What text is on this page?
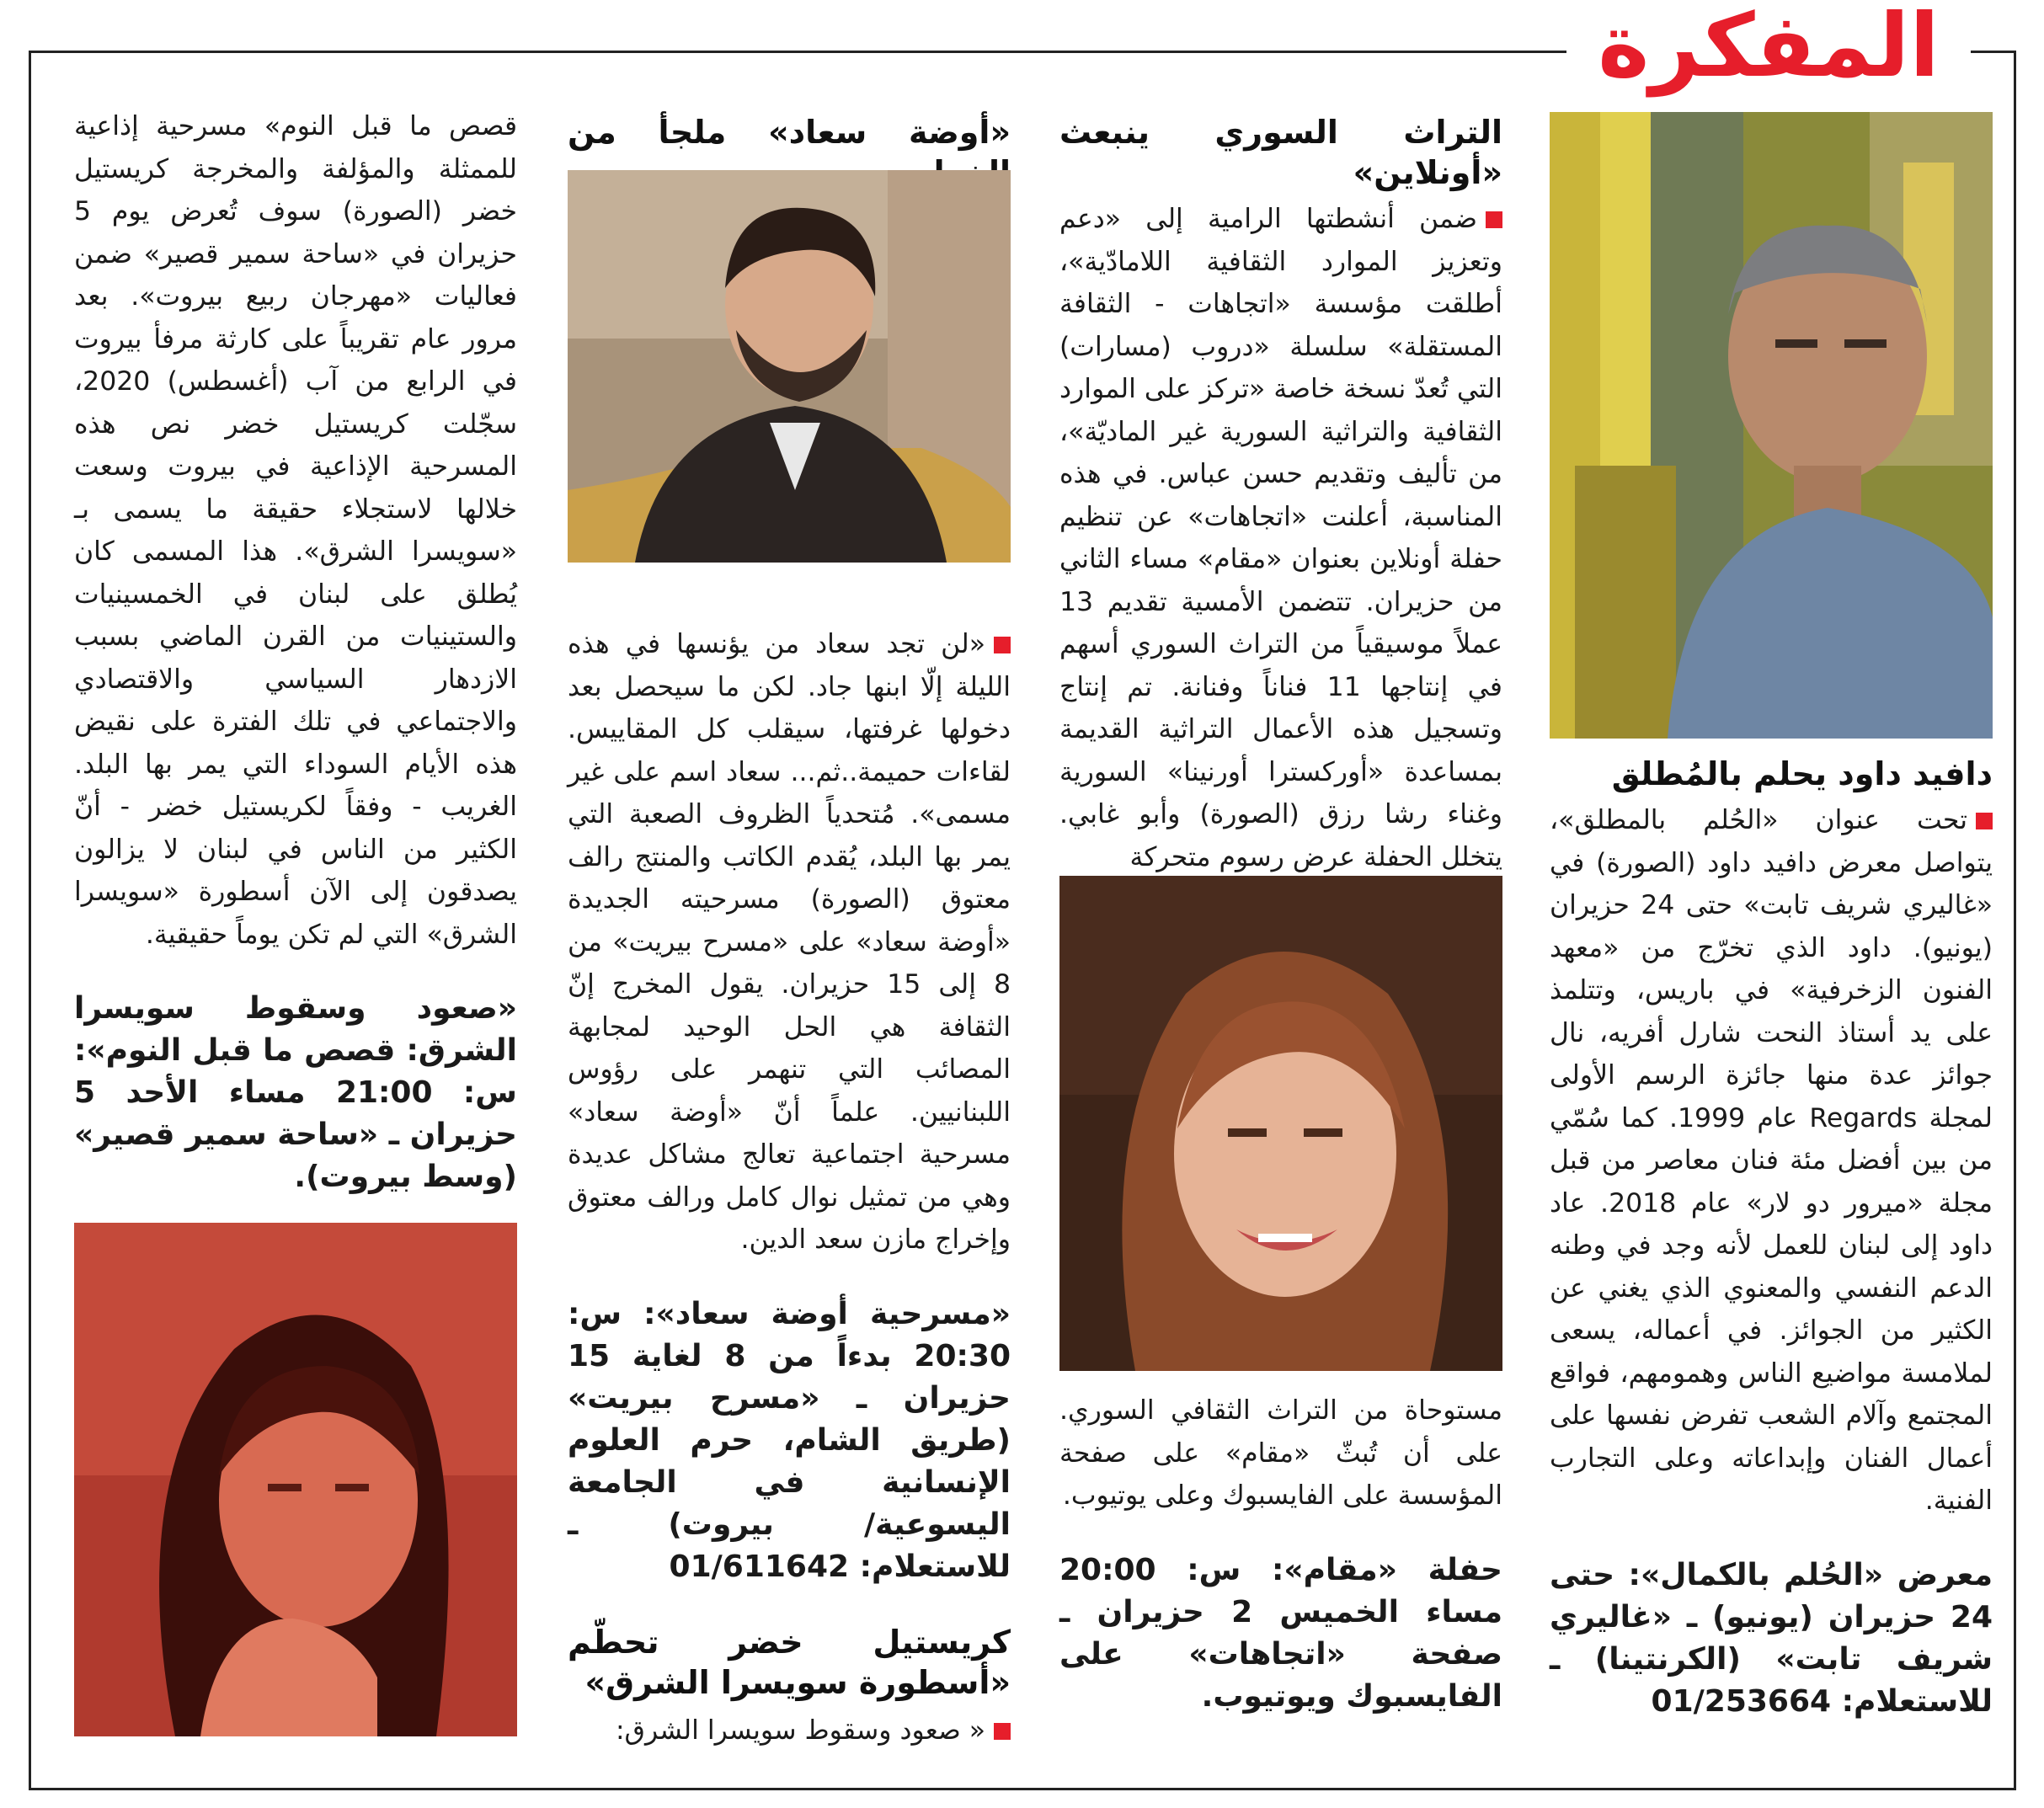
المفكرة

دافيد داود يحلم بالمُطلق

تحت عنوان «الحُلم بالمطلق»، يتواصل معرض دافيد داود (الصورة) في «غاليري شريف تابت» حتى 24 حزيران (يونيو). داود الذي تخرّج من «معهد الفنون الزخرفية» في باريس، وتتلمذ على يد أستاذ النحت شارل أفريه، نال جوائز عدة منها جائزة الرسم الأولى لمجلة Regards عام 1999. كما سُمّي من بين أفضل مئة فنان معاصر من قبل مجلة «ميرور دو لار» عام 2018. عاد داود إلى لبنان للعمل لأنه وجد في وطنه الدعم النفسي والمعنوي الذي يغني عن الكثير من الجوائز. في أعماله، يسعى لملامسة مواضيع الناس وهمومهم، فواقع المجتمع وآلام الشعب تفرض نفسها على أعمال الفنان وإبداعاته وعلى التجارب الفنية.

معرض «الحُلم بالكمال»: حتى 24 حزيران (يونيو) ـ «غاليري شريف تابت» (الكرنتينا) ـ للاستعلام: 01/253664

التراث السوري ينبعث «أونلاين»

ضمن أنشطتها الرامية إلى «دعم وتعزيز الموارد الثقافية اللامادّية»، أطلقت مؤسسة «اتجاهات - الثقافة المستقلة» سلسلة «دروب (مسارات) التي تُعدّ نسخة خاصة «تركز على الموارد الثقافية والتراثية السورية غير الماديّة»، من تأليف وتقديم حسن عباس. في هذه المناسبة، أعلنت «اتجاهات» عن تنظيم حفلة أونلاين بعنوان «مقام» مساء الثاني من حزيران. تتضمن الأمسية تقديم 13 عملاً موسيقياً من التراث السوري أسهم في إنتاجها 11 فناناً وفنانة. تم إنتاج وتسجيل هذه الأعمال التراثية القديمة بمساعدة «أوركسترا أورنينا» السورية وغناء رشا رزق (الصورة) وأبو غابي. يتخلل الحفلة عرض رسوم متحركة

مستوحاة من التراث الثقافي السوري. على أن تُبثّ «مقام» على صفحة المؤسسة على الفايسبوك وعلى يوتيوب.

حفلة «مقام»: س: 20:00 مساء الخميس 2 حزيران ـ صفحة «اتجاهات» على الفايسبوك ويوتيوب.

«أوضة سعاد» ملجأ من

«لن تجد سعاد من يؤنسها في هذه الليلة إلّا ابنها جاد. لكن ما سيحصل بعد دخولها غرفتها، سيقلب كل المقاييس. لقاءات حميمة..ثم... سعاد اسم على غير مسمى». مُتحدياً الظروف الصعبة التي يمر بها البلد، يُقدم الكاتب والمنتج رالف معتوق (الصورة) مسرحيته الجديدة «أوضة سعاد» على «مسرح بيريت» من 8 إلى 15 حزيران. يقول المخرج إنّ الثقافة هي الحل الوحيد لمجابهة المصائب التي تنهمر على رؤوس اللبنانيين. علماً أنّ «أوضة سعاد» مسرحية اجتماعية تعالج مشاكل عديدة وهي من تمثيل نوال كامل ورالف معتوق وإخراج مازن سعد الدين.

«مسرحية أوضة سعاد»: س: 20:30 بدءاً من 8 لغاية 15 حزيران ـ «مسرح بيريت» (طريق الشام، حرم العلوم الإنسانية في الجامعة اليسوعية/ بيروت) ـ للاستعلام: 01/611642

كريستيل خضر تحطّم «أسطورة سويسرا الشرق»

« صعود وسقوط سويسرا الشرق:

قصص ما قبل النوم» مسرحية إذاعية للممثلة والمؤلفة والمخرجة كريستيل خضر (الصورة) سوف تُعرض يوم 5 حزيران في «ساحة سمير قصير» ضمن فعاليات «مهرجان ربيع بيروت». بعد مرور عام تقريباً على كارثة مرفأ بيروت في الرابع من آب (أغسطس) 2020، سجّلت كريستيل خضر نص هذه المسرحية الإذاعية في بيروت وسعت خلالها لاستجلاء حقيقة ما يسمى بـ «سويسرا الشرق». هذا المسمى كان يُطلق على لبنان في الخمسينيات والستينيات من القرن الماضي بسبب الازدهار السياسي والاقتصادي والاجتماعي في تلك الفترة على نقيض هذه الأيام السوداء التي يمر بها البلد. الغريب - وفقاً لكريستيل خضر - أنّ الكثير من الناس في لبنان لا يزالون يصدقون إلى الآن أسطورة «سويسرا الشرق» التي لم تكن يوماً حقيقية.

«صعود وسقوط سويسرا الشرق: قصص ما قبل النوم»: س: 21:00 مساء الأحد 5 حزيران ـ «ساحة سمير قصير» (وسط بيروت).
